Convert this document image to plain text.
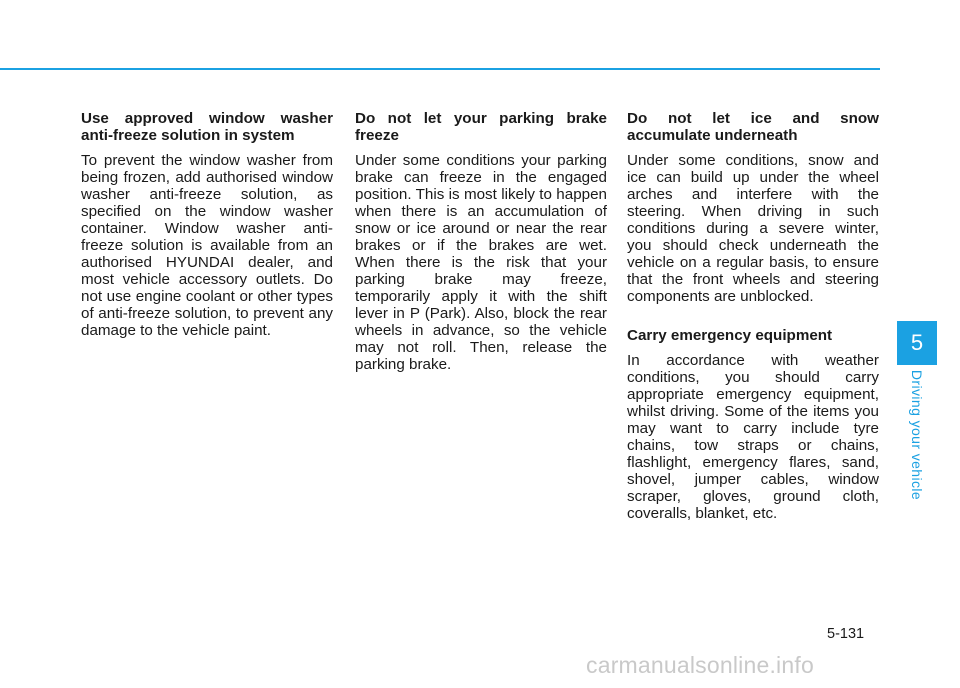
Use approved window washer anti-freeze solution in system

To prevent the window washer from being frozen, add authorised window washer anti-freeze solution, as specified on the window washer container. Window washer anti-freeze solution is available from an authorised HYUNDAI dealer, and most vehicle accessory outlets. Do not use engine coolant or other types of anti-freeze solution, to prevent any damage to the vehicle paint.

Do not let your parking brake freeze

Under some conditions your parking brake can freeze in the engaged position. This is most likely to happen when there is an accumulation of snow or ice around or near the rear brakes or if the brakes are wet. When there is the risk that your parking brake may freeze, temporarily apply it with the shift lever in P (Park). Also, block the rear wheels in advance, so the vehicle may not roll. Then, release the parking brake.

Do not let ice and snow accumulate underneath

Under some conditions, snow and ice can build up under the wheel arches and interfere with the steering. When driving in such conditions during a severe winter, you should check underneath the vehicle on a regular basis, to ensure that the front wheels and steering components are unblocked.

Carry emergency equipment

In accordance with weather conditions, you should carry appropriate emergency equipment, whilst driving. Some of the items you may want to carry include tyre chains, tow straps or chains, flashlight, emergency flares, sand, shovel, jumper cables, window scraper, gloves, ground cloth, coveralls, blanket, etc.

5
Driving your vehicle
5-131
carmanualsonline.info
